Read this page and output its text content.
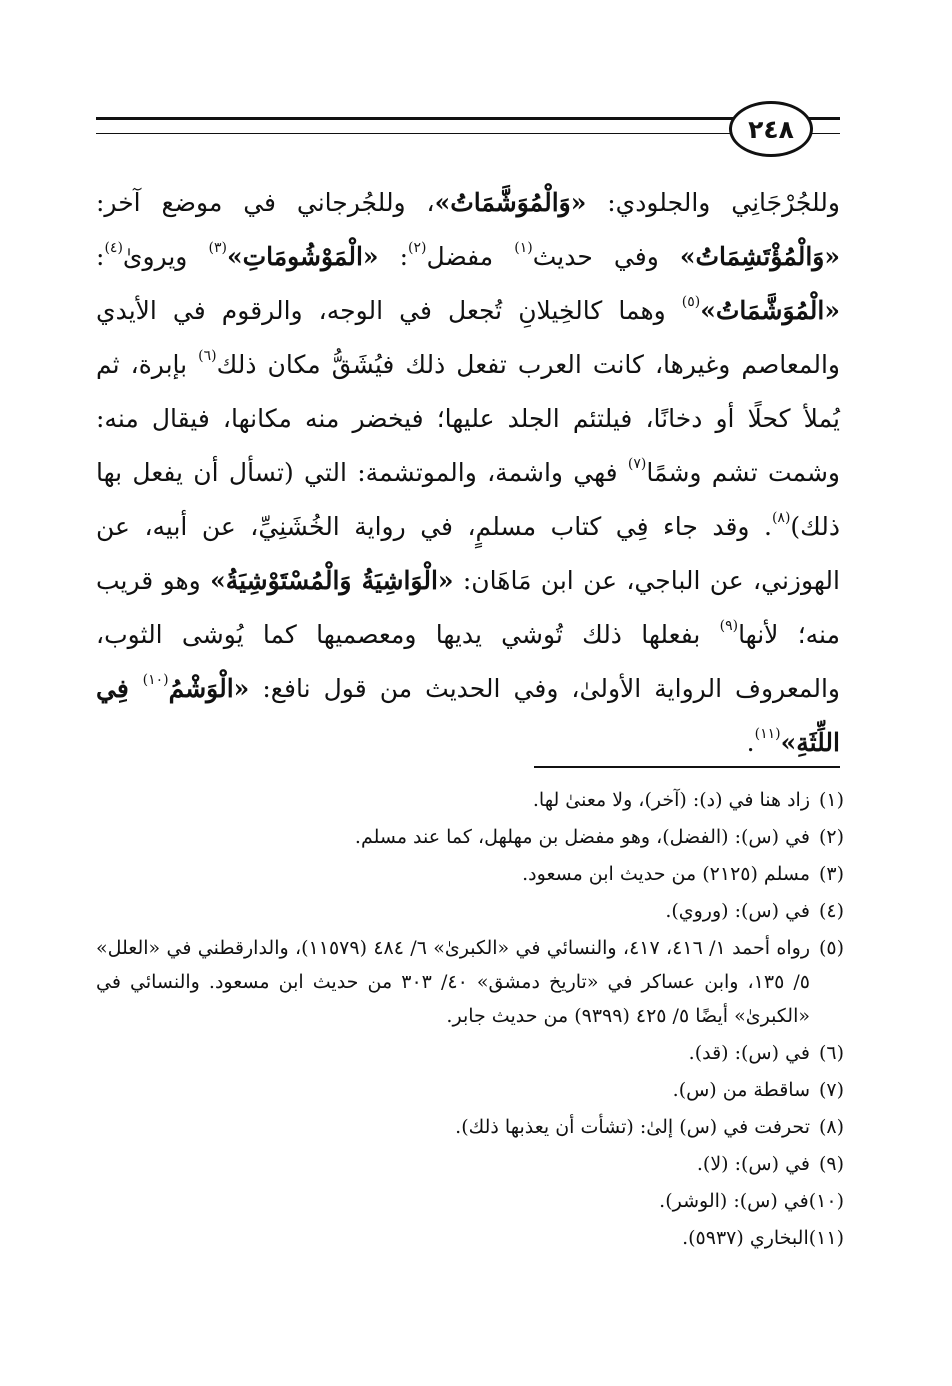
٢٤٨

وللجُرْجَانِي والجلودي: «وَالْمُوَشَّمَاتُ»، وللجُرجاني في موضع آخر: «وَالْمُؤْتَشِمَاتُ» وفي حديث$^{(١)}$ مفضل$^{(٢)}$: «الْمَوْشُومَاتِ»$^{(٣)}$ ويروىٰ$^{(٤)}$: «الْمُوَشَّمَاتُ»$^{(٥)}$ وهما كالخِيلانِ تُجعل في الوجه، والرقوم في الأيدي والمعاصم وغيرها، كانت العرب تفعل ذلك فيُشَقُّ مكان ذلك$^{(٦)}$ بإبرة، ثم يُملأ كحلًا أو دخانًا، فيلتئم الجلد عليها؛ فيخضر منه مكانها، فيقال منه: وشمت تشم وشمًا$^{(٧)}$ فهي واشمة، والموتشمة: التي (تسأل أن يفعل بها ذلك)$^{(٨)}$. وقد جاء فِي كتاب مسلمٍ، في رواية الخُشَنِيِّ، عن أبيه، عن الهوزني، عن الباجي، عن ابن مَاهَان: «الْوَاشِيَةُ وَالْمُسْتَوْشِيَةُ» وهو قريب منه؛ لأنها$^{(٩)}$ بفعلها ذلك تُوشي يديها ومعصميها كما يُوشى الثوب، والمعروف الرواية الأولىٰ، وفي الحديث من قول نافع: «الْوَشْمُ$^{(١٠)}$ فِي اللِّثَةِ»$^{(١١)}$.

(١)
زاد هنا في (د): (آخر)، ولا معنىٰ لها.
(٢)
في (س): (الفضل)، وهو مفضل بن مهلهل، كما عند مسلم.
(٣)
مسلم (٢١٢٥) من حديث ابن مسعود.
(٤)
في (س): (وروي).
(٥)
رواه أحمد ١/ ٤١٦، ٤١٧، والنسائي في «الكبرىٰ» ٦/ ٤٨٤ (١١٥٧٩)، والدارقطني في «العلل» ٥/ ١٣٥، وابن عساكر في «تاريخ دمشق» ٤٠/ ٣٠٣ من حديث ابن مسعود. والنسائي في «الكبرىٰ» أيضًا ٥/ ٤٢٥ (٩٣٩٩) من حديث جابر.
(٦)
في (س): (قد).
(٧)
ساقطة من (س).
(٨)
تحرفت في (س) إلىٰ: (تشأت أن يعذبها ذلك).
(٩)
في (س): (لا).
(١٠)
في (س): (الوشر).
(١١)
البخاري (٥٩٣٧).
